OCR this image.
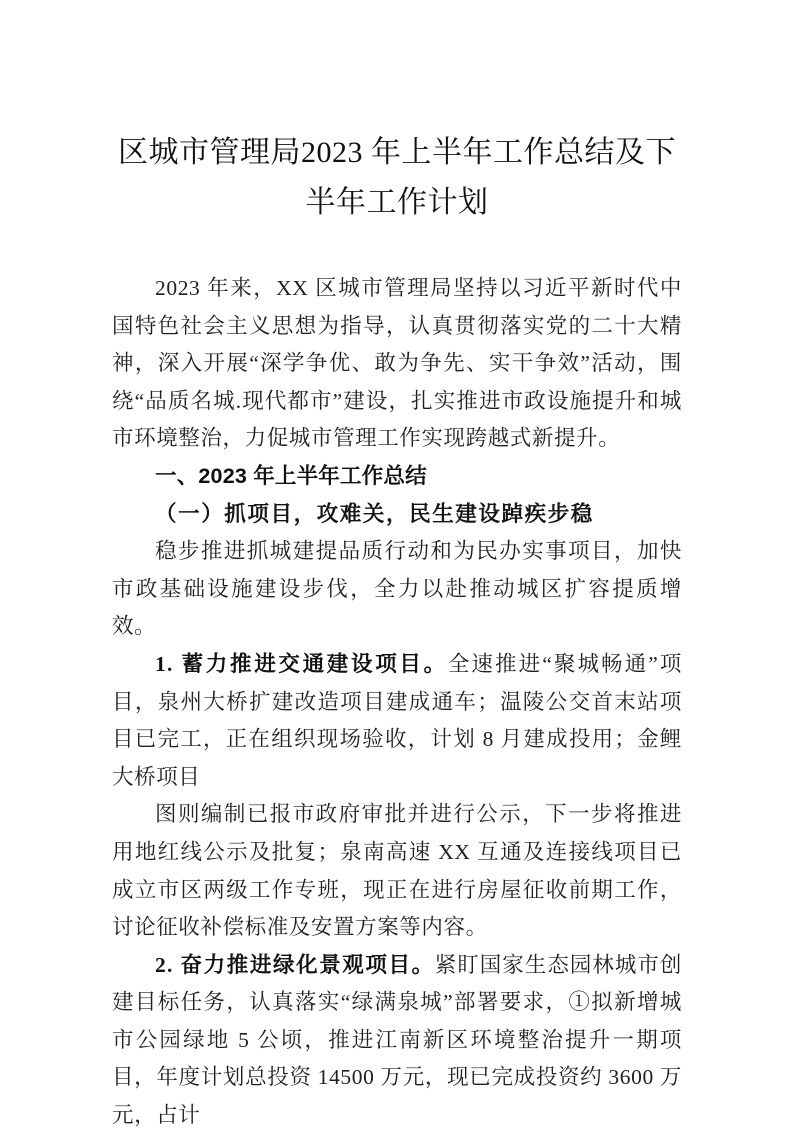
区城市管理局2023 年上半年工作总结及下半年工作计划

2023 年来，XX 区城市管理局坚持以习近平新时代中国特色社会主义思想为指导，认真贯彻落实党的二十大精神，深入开展“深学争优、敢为争先、实干争效”活动，围绕“品质名城.现代都市”建设，扎实推进市政设施提升和城市环境整治，力促城市管理工作实现跨越式新提升。

一、2023 年上半年工作总结

（一）抓项目，攻难关，民生建设踔疾步稳

稳步推进抓城建提品质行动和为民办实事项目，加快市政基础设施建设步伐，全力以赴推动城区扩容提质增效。

1. 蓄力推进交通建设项目。全速推进“聚城畅通”项目，泉州大桥扩建改造项目建成通车；温陵公交首末站项目已完工，正在组织现场验收，计划 8 月建成投用；金鲤大桥项目

图则编制已报市政府审批并进行公示，下一步将推进用地红线公示及批复；泉南高速 XX 互通及连接线项目已成立市区两级工作专班，现正在进行房屋征收前期工作，讨论征收补偿标准及安置方案等内容。

2. 奋力推进绿化景观项目。紧盯国家生态园林城市创建目标任务，认真落实“绿满泉城”部署要求，①拟新增城市公园绿地 5 公顷，推进江南新区环境整治提升一期项目，年度计划总投资 14500 万元，现已完成投资约 3600 万元，占计
